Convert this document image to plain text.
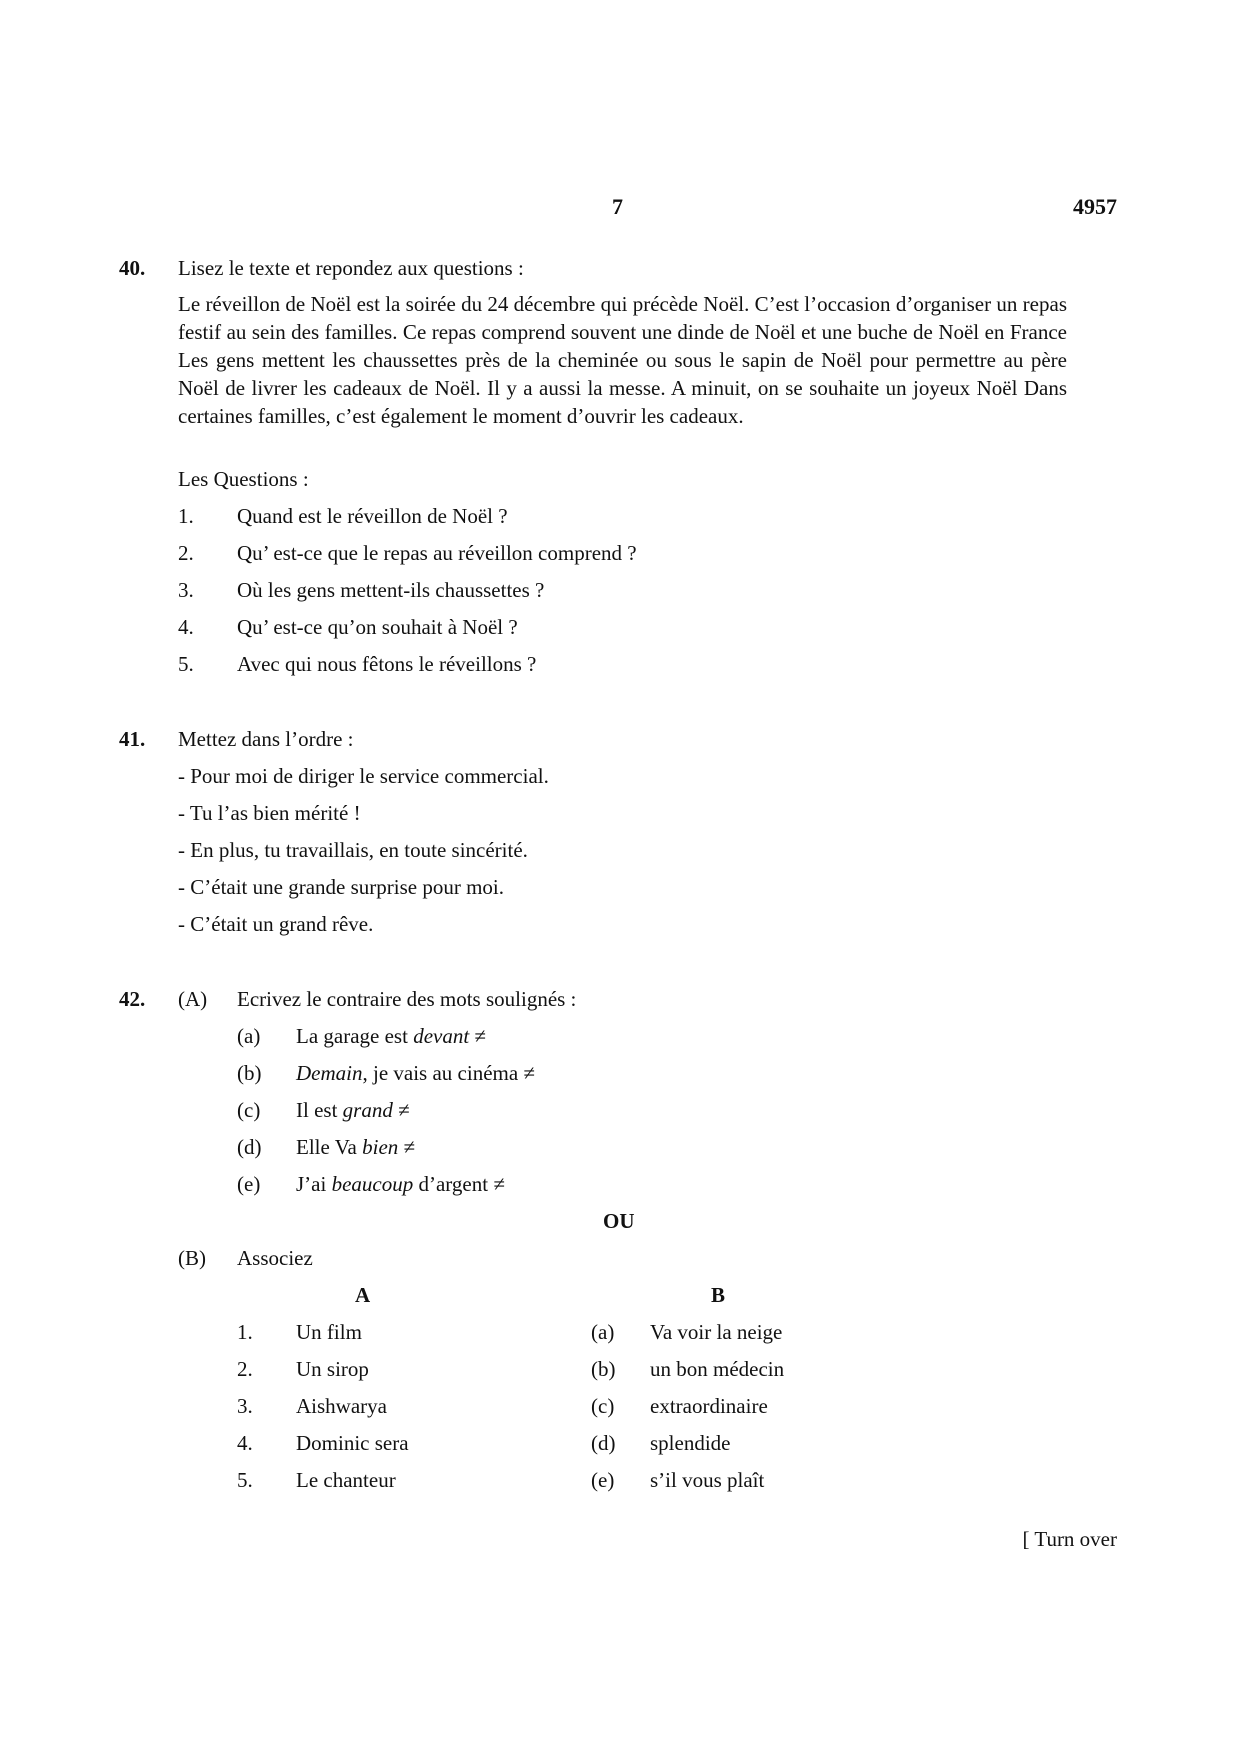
7	4957
40. Lisez le texte et repondez aux questions :
Le réveillon de Noël est la soirée du 24 décembre qui précède Noël. C’est l’occasion d’organiser un repas festif au sein des familles. Ce repas comprend souvent une dinde de Noël et une buche de Noël en France Les gens mettent les chaussettes près de la cheminée ou sous le sapin de Noël pour permettre au père Noël de livrer les cadeaux de Noël. Il y a aussi la messe. A minuit, on se souhaite un joyeux Noël Dans certaines familles, c’est également le moment d’ouvrir les cadeaux.
Les Questions :
1. Quand est le réveillon de Noël ?
2. Qu’ est-ce que le repas au réveillon comprend ?
3. Où les gens mettent-ils chaussettes ?
4. Qu’ est-ce qu’on souhait à Noël ?
5. Avec qui nous fêtons le réveillons ?
41. Mettez dans l’ordre :
- Pour moi de diriger le service commercial.
- Tu l’as bien mérité !
- En plus, tu travaillais, en toute sincérité.
- C’était une grande surprise pour moi.
- C’était un grand rêve.
42. (A) Ecrivez le contraire des mots soulignés :
(a) La garage est devant ≠
(b) Demain, je vais au cinéma ≠
(c) Il est grand ≠
(d) Elle Va bien ≠
(e) J’ai beaucoup d’argent ≠
OU
(B) Associez
A	B
1. Un film	(a) Va voir la neige
2. Un sirop	(b) un bon médecin
3. Aishwarya	(c) extraordinaire
4. Dominic sera	(d) splendide
5. Le chanteur	(e) s’il vous plaît
[ Turn over
